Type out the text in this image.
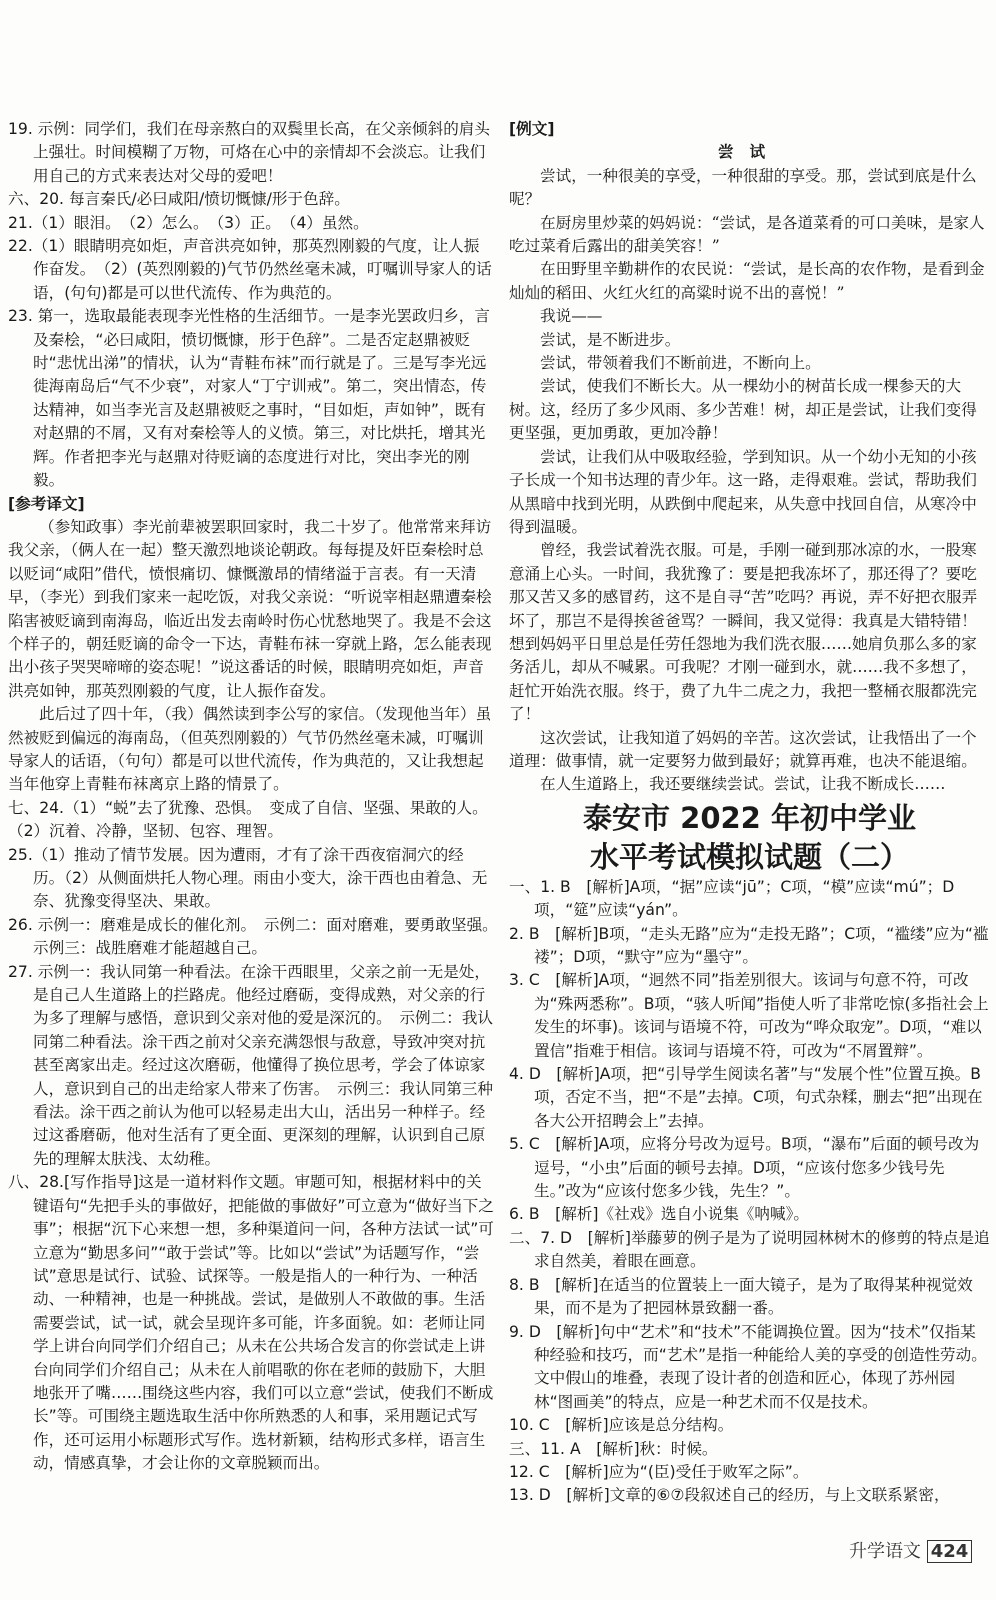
19. 示例：同学们，我们在母亲熬白的双鬓里长高，在父亲倾斜的肩头上强壮。时间模糊了万物，可烙在心中的亲情却不会淡忘。让我们用自己的方式来表达对父母的爱吧！

六、20. 每言秦氏/必曰咸阳/愤切慨慷/形于色辞。

21.（1）眼泪。　（2）怎么。　（3）正。　（4）虽然。

22.（1）眼睛明亮如炬，声音洪亮如钟，那英烈刚毅的气度，让人振作奋发。　（2）(英烈刚毅的)气节仍然丝毫未减，叮嘱训导家人的话语，(句句)都是可以世代流传、作为典范的。

23. 第一，选取最能表现李光性格的生活细节。一是李光罢政归乡，言及秦桧，“必曰咸阳，愤切慨慷，形于色辞”。二是否定赵鼎被贬时“悲忧出涕”的情状，认为“青鞋布袜”而行就是了。三是写李光远徙海南岛后“气不少衰”，对家人“丁宁训戒”。第二，突出情态，传达精神，如当李光言及赵鼎被贬之事时，“目如炬，声如钟”，既有对赵鼎的不屑，又有对秦桧等人的义愤。第三，对比烘托，增其光辉。作者把李光与赵鼎对待贬谪的态度进行对比，突出李光的刚毅。

[参考译文]

（参知政事）李光前辈被罢职回家时，我二十岁了。他常常来拜访我父亲，（俩人在一起）整天激烈地谈论朝政。每每提及奸臣秦桧时总以贬词“咸阳”借代，愤恨痛切、慷慨激昂的情绪溢于言表。有一天清早，（李光）到我们家来一起吃饭，对我父亲说：“听说宰相赵鼎遭秦桧陷害被贬谪到南海岛，临近出发去南岭时伤心忧愁地哭了。我是不会这个样子的，朝廷贬谪的命令一下达，青鞋布袜一穿就上路，怎么能表现出小孩子哭哭啼啼的姿态呢！”说这番话的时候，眼睛明亮如炬，声音洪亮如钟，那英烈刚毅的气度，让人振作奋发。

此后过了四十年，（我）偶然读到李公写的家信。（发现他当年）虽然被贬到偏远的海南岛，（但英烈刚毅的）气节仍然丝毫未减，叮嘱训导家人的话语，（句句）都是可以世代流传，作为典范的，又让我想起当年他穿上青鞋布袜离京上路的情景了。

七、24.（1）“蜕”去了犹豫、恐惧。　变成了自信、坚强、果敢的人。

（2）沉着、冷静，坚韧、包容、理智。

25.（1）推动了情节发展。因为遭雨，才有了涂干西夜宿洞穴的经历。（2）从侧面烘托人物心理。雨由小变大，涂干西也由着急、无奈、犹豫变得坚决、果敢。

26. 示例一：磨难是成长的催化剂。　示例二：面对磨难，要勇敢坚强。　示例三：战胜磨难才能超越自己。

27. 示例一：我认同第一种看法。在涂干西眼里，父亲之前一无是处，是自己人生道路上的拦路虎。他经过磨砺，变得成熟，对父亲的行为多了理解与感悟，意识到父亲对他的爱是深沉的。　示例二：我认同第二种看法。涂干西之前对父亲充满怨恨与敌意，导致冲突对抗甚至离家出走。经过这次磨砺，他懂得了换位思考，学会了体谅家人，意识到自己的出走给家人带来了伤害。　示例三：我认同第三种看法。涂干西之前认为他可以轻易走出大山，活出另一种样子。经过这番磨砺，他对生活有了更全面、更深刻的理解，认识到自己原先的理解太肤浅、太幼稚。

八、28.[写作指导]这是一道材料作文题。审题可知，根据材料中的关键语句“先把手头的事做好，把能做的事做好”可立意为“做好当下之事”；根据“沉下心来想一想，多种渠道问一问，各种方法试一试”可立意为“勤思多问”“敢于尝试”等。比如以“尝试”为话题写作，“尝试”意思是试行、试验、试探等。一般是指人的一种行为、一种活动、一种精神，也是一种挑战。尝试，是做别人不敢做的事。生活需要尝试，试一试，就会呈现许多可能，许多面貌。如：老师让同学上讲台向同学们介绍自己；从未在公共场合发言的你尝试走上讲台向同学们介绍自己；从未在人前唱歌的你在老师的鼓励下，大胆地张开了嘴……围绕这些内容，我们可以立意“尝试，使我们不断成长”等。可围绕主题选取生活中你所熟悉的人和事，采用题记式写作，还可运用小标题形式写作。选材新颖，结构形式多样，语言生动，情感真挚，才会让你的文章脱颖而出。

[例文]

尝试

尝试，一种很美的享受，一种很甜的享受。那，尝试到底是什么呢？

在厨房里炒菜的妈妈说：“尝试，是各道菜肴的可口美味，是家人吃过菜肴后露出的甜美笑容！”

在田野里辛勤耕作的农民说：“尝试，是长高的农作物，是看到金灿灿的稻田、火红火红的高粱时说不出的喜悦！”

我说——

尝试，是不断进步。

尝试，带领着我们不断前进，不断向上。

尝试，使我们不断长大。从一棵幼小的树苗长成一棵参天的大树。这，经历了多少风雨、多少苦难！树，却正是尝试，让我们变得更坚强，更加勇敢，更加冷静！

尝试，让我们从中吸取经验，学到知识。从一个幼小无知的小孩子长成一个知书达理的青少年。这一路，走得艰难。尝试，帮助我们从黑暗中找到光明，从跌倒中爬起来，从失意中找回自信，从寒冷中得到温暖。

曾经，我尝试着洗衣服。可是，手刚一碰到那冰凉的水，一股寒意涌上心头。一时间，我犹豫了：要是把我冻坏了，那还得了？要吃那又苦又多的感冒药，这不是自寻“苦”吃吗？再说，弄不好把衣服弄坏了，那岂不是得挨爸爸骂？一瞬间，我又觉得：我真是大错特错！想到妈妈平日里总是任劳任怨地为我们洗衣服……她肩负那么多的家务活儿，却从不喊累。可我呢？才刚一碰到水，就……我不多想了，赶忙开始洗衣服。终于，费了九牛二虎之力，我把一整桶衣服都洗完了！

这次尝试，让我知道了妈妈的辛苦。这次尝试，让我悟出了一个道理：做事情，就一定要努力做到最好；就算再难，也决不能退缩。

在人生道路上，我还要继续尝试。尝试，让我不断成长……

泰安市 2022 年初中学业

水平考试模拟试题（二）

一、1. B　[解析]A项，“据”应读“jū”；C项，“模”应读“mú”；D项，“筵”应读“yán”。

2. B　[解析]B项，“走头无路”应为“走投无路”；C项，“褴缕”应为“褴褛”；D项，“默守”应为“墨守”。

3. C　[解析]A项，“迥然不同”指差别很大。该词与句意不符，可改为“殊两悉称”。B项，“骇人听闻”指使人听了非常吃惊(多指社会上发生的坏事)。该词与语境不符，可改为“哗众取宠”。D项，“难以置信”指难于相信。该词与语境不符，可改为“不屑置辩”。

4. D　[解析]A项，把“引导学生阅读名著”与“发展个性”位置互换。B项，否定不当，把“不是”去掉。C项，句式杂糅，删去“把”出现在各大公开招聘会上”去掉。

5. C　[解析]A项，应将分号改为逗号。B项，“瀑布”后面的顿号改为逗号，“小虫”后面的顿号去掉。D项，“应该付您多少钱号先生。”改为“应该付您多少钱，先生？”。

6. B　[解析]《社戏》选自小说集《呐喊》。

二、7. D　[解析]举藤萝的例子是为了说明园林树木的修剪的特点是追求自然美，着眼在画意。

8. B　[解析]在适当的位置装上一面大镜子，是为了取得某种视觉效果，而不是为了把园林景致翻一番。

9. D　[解析]句中“艺术”和“技术”不能调换位置。因为“技术”仅指某种经验和技巧，而“艺术”是指一种能给人美的享受的创造性劳动。文中假山的堆叠，表现了设计者的创造和匠心，体现了苏州园林“图画美”的特点，应是一种艺术而不仅是技术。

10. C　[解析]应该是总分结构。

三、11. A　[解析]秋：时候。

12. C　[解析]应为“(臣)受任于败军之际”。

13. D　[解析]文章的⑥⑦段叙述自己的经历，与上文联系紧密，

升学语文 424
